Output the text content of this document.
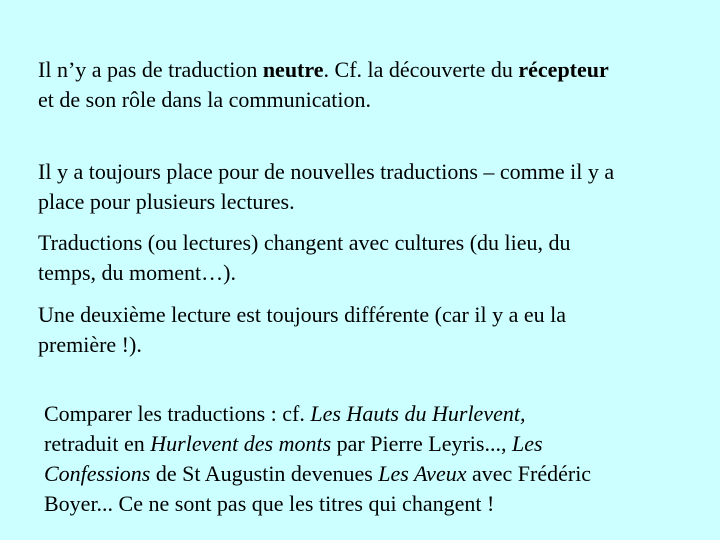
Il n’y a pas de traduction neutre. Cf. la découverte du récepteur
et de son rôle dans la communication.

Il y a toujours place pour de nouvelles traductions – comme il y a
place pour plusieurs lectures.

Traductions (ou lectures) changent avec cultures (du lieu, du
temps, du moment…).

Une deuxième lecture est toujours différente (car il y a eu la
première !).

Comparer les traductions : cf. Les Hauts du Hurlevent,
retraduit en Hurlevent des monts par Pierre Leyris..., Les
Confessions de St Augustin devenues Les Aveux avec Frédéric
Boyer... Ce ne sont pas que les titres qui changent !
